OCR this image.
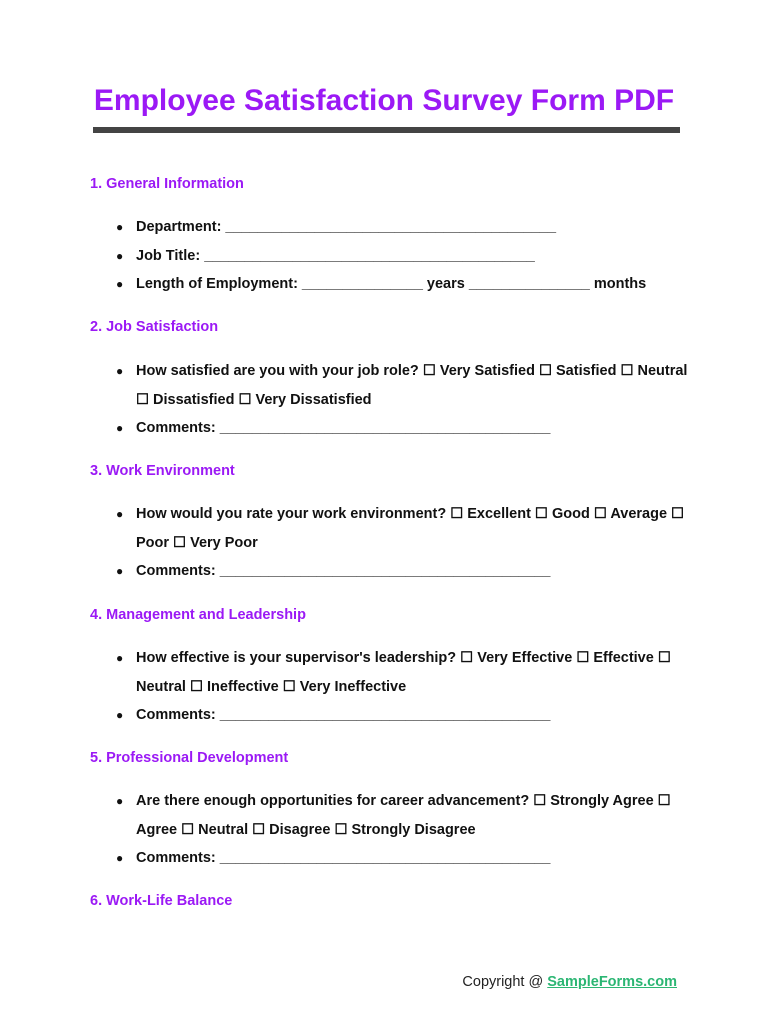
Employee Satisfaction Survey Form PDF
1. General Information
● Department: _________________________________________
● Job Title: _________________________________________
● Length of Employment: _______________ years _______________ months
2. Job Satisfaction
● How satisfied are you with your job role? ☐ Very Satisfied ☐ Satisfied ☐ Neutral ☐ Dissatisfied ☐ Very Dissatisfied
● Comments: _________________________________________
3. Work Environment
● How would you rate your work environment? ☐ Excellent ☐ Good ☐ Average ☐ Poor ☐ Very Poor
● Comments: _________________________________________
4. Management and Leadership
● How effective is your supervisor's leadership? ☐ Very Effective ☐ Effective ☐ Neutral ☐ Ineffective ☐ Very Ineffective
● Comments: _________________________________________
5. Professional Development
● Are there enough opportunities for career advancement? ☐ Strongly Agree ☐ Agree ☐ Neutral ☐ Disagree ☐ Strongly Disagree
● Comments: _________________________________________
6. Work-Life Balance
Copyright @ SampleForms.com
